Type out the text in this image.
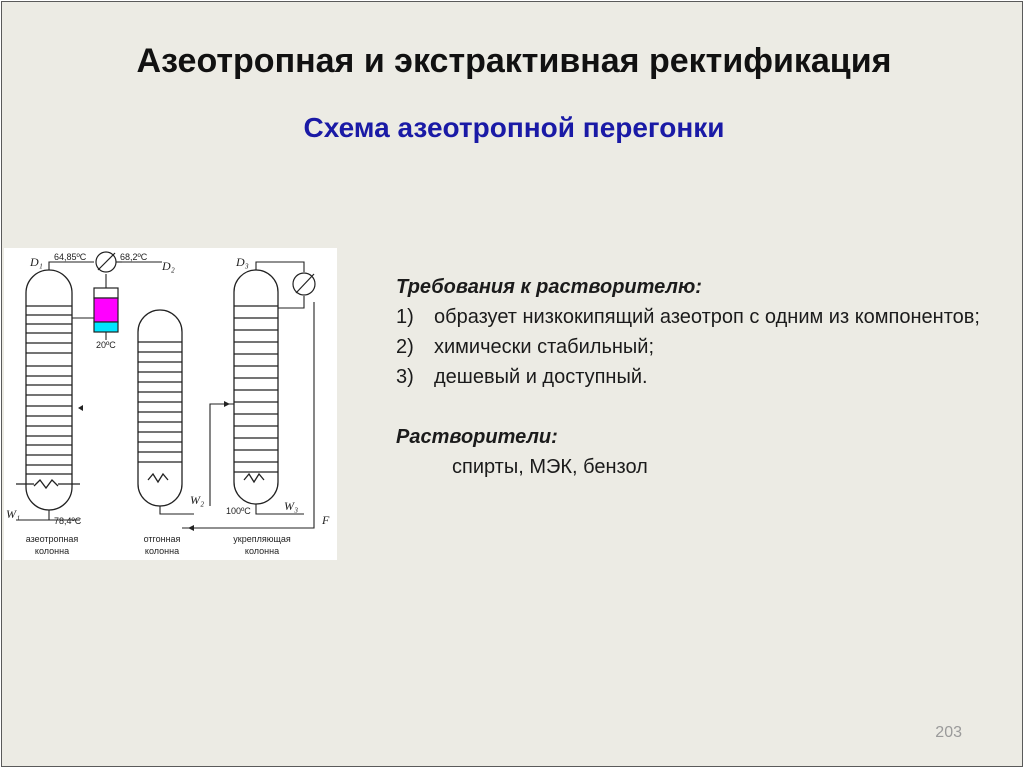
Азеотропная и экстрактивная ректификация
Схема азеотропной перегонки
D₁ 64,85ºС	68,2ºС
D₂
20ºС
D₃
W₁	78,4ºС
W₂
100ºС	W₃
F
азеотропная
колонна
отгонная
колонна
укрепляющая
колонна
Требования к растворителю:
1)	образует низкокипящий азеотроп с одним из компонентов;
2)	химически стабильный;
3)	дешевый и доступный.
Растворители:
спирты, МЭК, бензол
203
